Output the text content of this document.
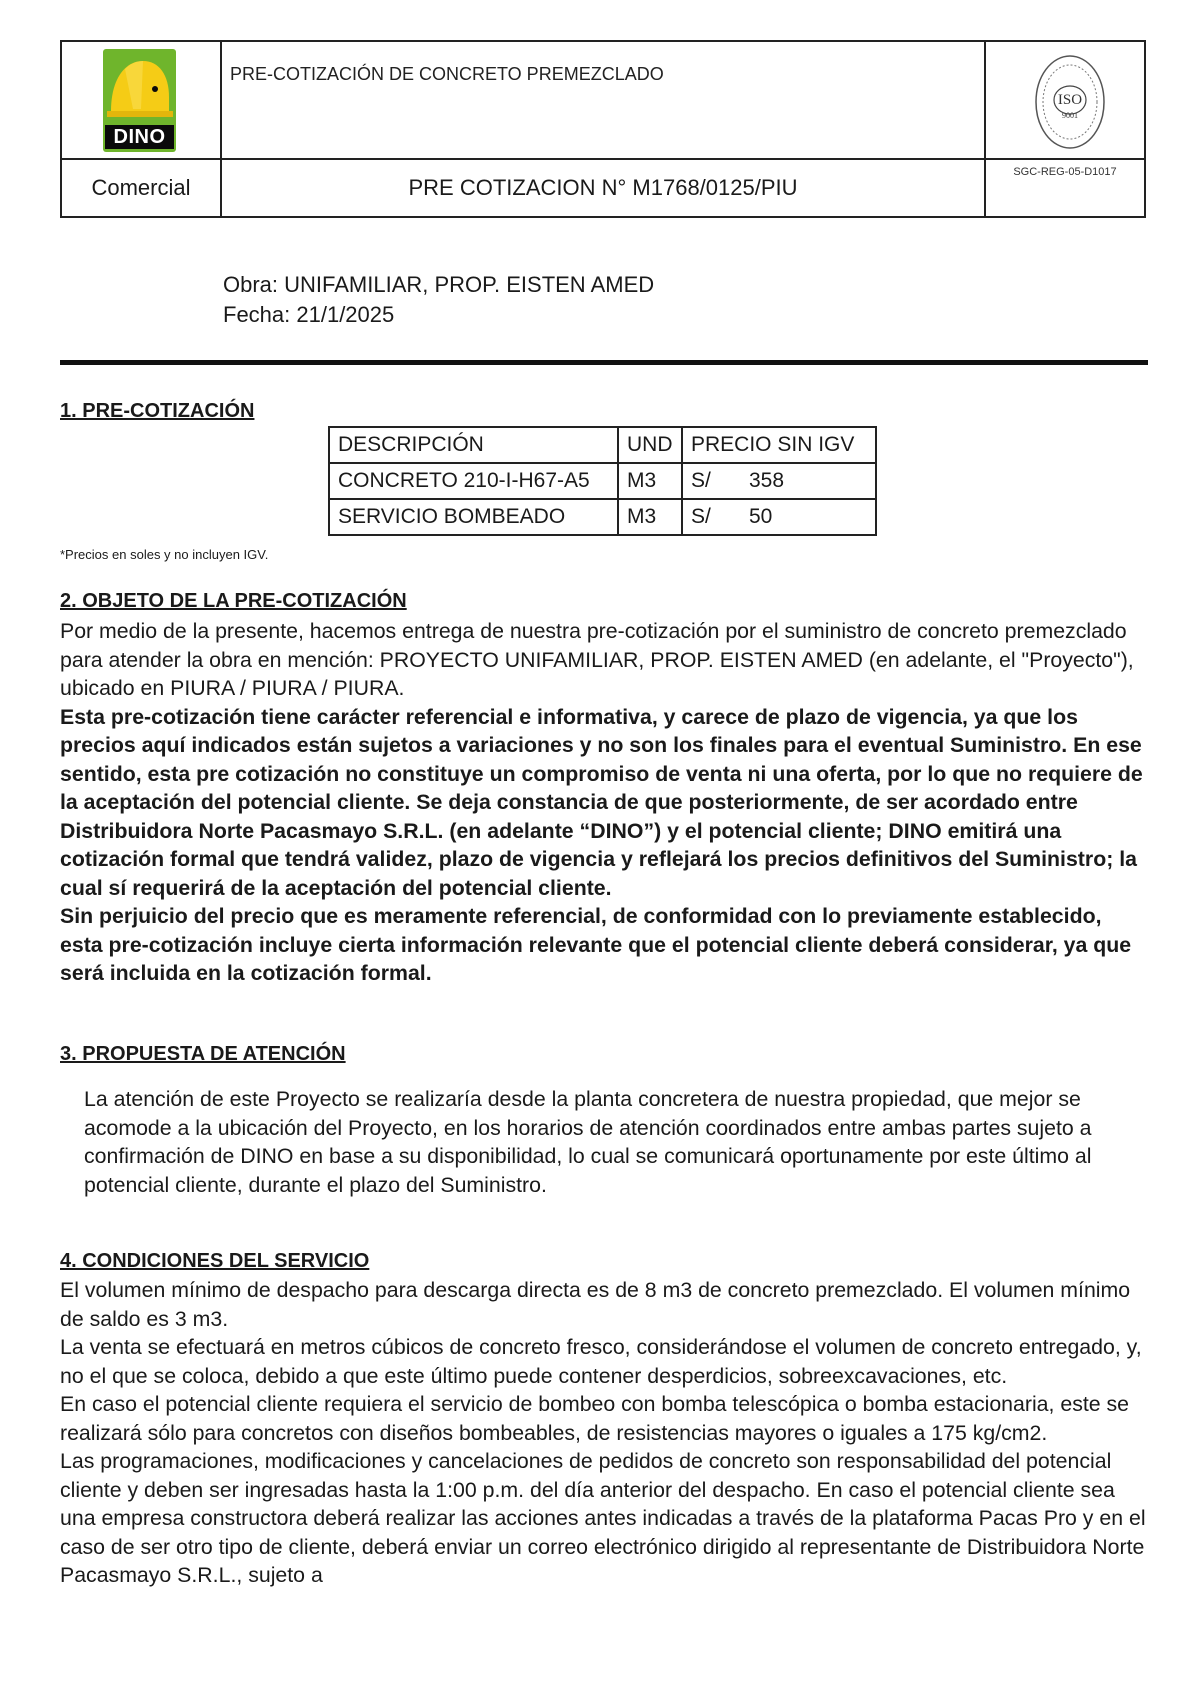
DINO
PRE-COTIZACIÓN DE CONCRETO PREMEZCLADO
ISO
9001
Comercial	PRE COTIZACION N° M1768/0125/PIU
SGC-REG-05-D1017
Obra: UNIFAMILIAR, PROP. EISTEN AMED
Fecha: 21/1/2025
1. PRE-COTIZACIÓN
DESCRIPCIÓN	UND	PRECIO SIN IGV
CONCRETO 210-I-H67-A5	M3	S/ 358
SERVICIO BOMBEADO	M3	S/ 50
*Precios en soles y no incluyen IGV.
2. OBJETO DE LA PRE-COTIZACIÓN

Por medio de la presente, hacemos entrega de nuestra pre-cotización por el suministro de concreto premezclado para atender la obra en mención: PROYECTO UNIFAMILIAR, PROP. EISTEN AMED (en adelante, el "Proyecto"), ubicado en PIURA / PIURA / PIURA.

Esta pre-cotización tiene carácter referencial e informativa, y carece de plazo de vigencia, ya que los precios aquí indicados están sujetos a variaciones y no son los finales para el eventual Suministro. En ese sentido, esta pre cotización no constituye un compromiso de venta ni una oferta, por lo que no requiere de la aceptación del potencial cliente. Se deja constancia de que posteriormente, de ser acordado entre Distribuidora Norte Pacasmayo S.R.L. (en adelante “DINO”) y el potencial cliente; DINO emitirá una cotización formal que tendrá validez, plazo de vigencia y reflejará los precios definitivos del Suministro; la cual sí requerirá de la aceptación del potencial cliente.

Sin perjuicio del precio que es meramente referencial, de conformidad con lo previamente establecido, esta pre-cotización incluye cierta información relevante que el potencial cliente deberá considerar, ya que será incluida en la cotización formal.

3. PROPUESTA DE ATENCIÓN
La atención de este Proyecto se realizaría desde la planta concretera de nuestra propiedad, que mejor se acomode a la ubicación del Proyecto, en los horarios de atención coordinados entre ambas partes sujeto a confirmación de DINO en base a su disponibilidad, lo cual se comunicará oportunamente por este último al potencial cliente, durante el plazo del Suministro.
4. CONDICIONES DEL SERVICIO

El volumen mínimo de despacho para descarga directa es de 8 m3 de concreto premezclado. El volumen mínimo de saldo es 3 m3.

La venta se efectuará en metros cúbicos de concreto fresco, considerándose el volumen de concreto entregado, y, no el que se coloca, debido a que este último puede contener desperdicios, sobreexcavaciones, etc.

En caso el potencial cliente requiera el servicio de bombeo con bomba telescópica o bomba estacionaria, este se realizará sólo para concretos con diseños bombeables, de resistencias mayores o iguales a 175 kg/cm2.

Las programaciones, modificaciones y cancelaciones de pedidos de concreto son responsabilidad del potencial cliente y deben ser ingresadas hasta la 1:00 p.m. del día anterior del despacho. En caso el potencial cliente sea una empresa constructora deberá realizar las acciones antes indicadas a través de la plataforma Pacas Pro y en el caso de ser otro tipo de cliente, deberá enviar un correo electrónico dirigido al representante de Distribuidora Norte Pacasmayo S.R.L., sujeto a
